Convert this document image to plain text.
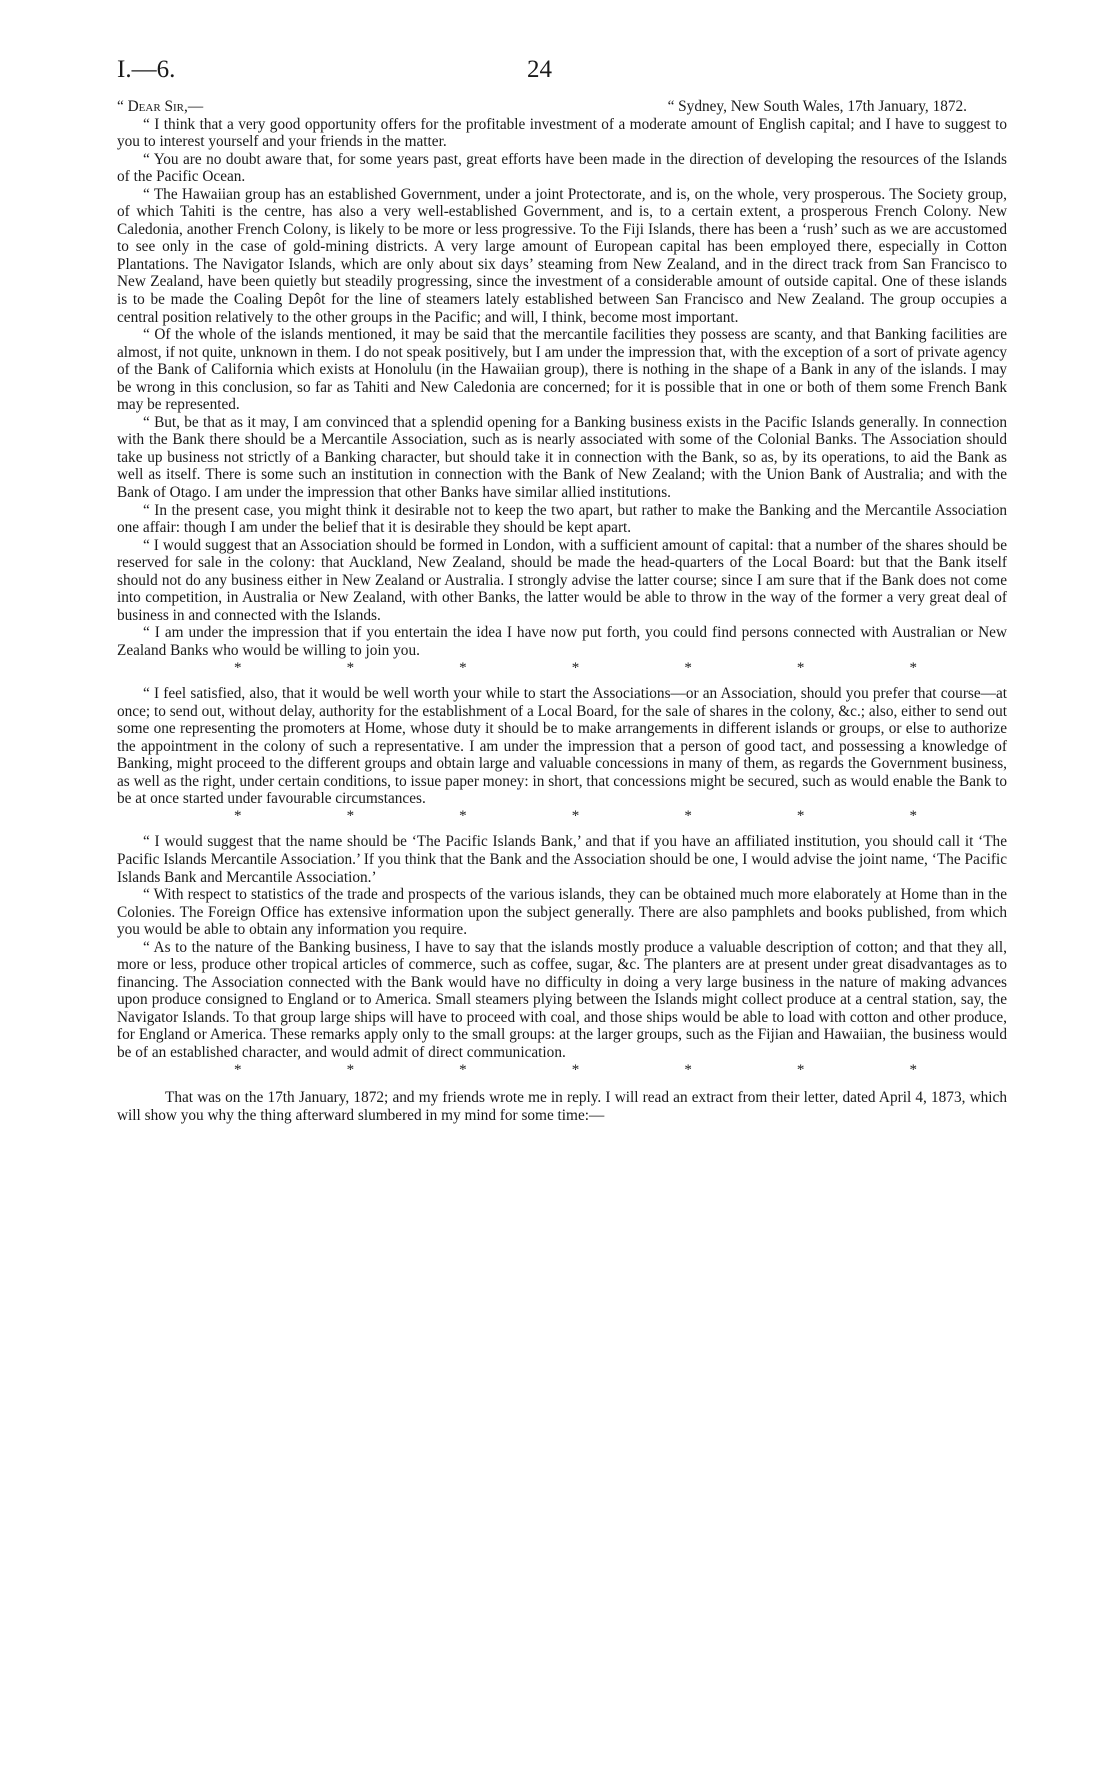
I.—6.	24
“ Dear Sir,—	“ Sydney, New South Wales, 17th January, 1872.

“ I think that a very good opportunity offers for the profitable investment of a moderate amount of English capital; and I have to suggest to you to interest yourself and your friends in the matter.

“ You are no doubt aware that, for some years past, great efforts have been made in the direction of developing the resources of the Islands of the Pacific Ocean.

“ The Hawaiian group has an established Government, under a joint Protectorate, and is, on the whole, very prosperous. The Society group, of which Tahiti is the centre, has also a very well-established Government, and is, to a certain extent, a prosperous French Colony. New Caledonia, another French Colony, is likely to be more or less progressive. To the Fiji Islands, there has been a ‘rush’ such as we are accustomed to see only in the case of gold-mining districts. A very large amount of European capital has been employed there, especially in Cotton Plantations. The Navigator Islands, which are only about six days’ steaming from New Zealand, and in the direct track from San Francisco to New Zealand, have been quietly but steadily progressing, since the investment of a considerable amount of outside capital. One of these islands is to be made the Coaling Depôt for the line of steamers lately established between San Francisco and New Zealand. The group occupies a central position relatively to the other groups in the Pacific; and will, I think, become most important.

“ Of the whole of the islands mentioned, it may be said that the mercantile facilities they possess are scanty, and that Banking facilities are almost, if not quite, unknown in them. I do not speak positively, but I am under the impression that, with the exception of a sort of private agency of the Bank of California which exists at Honolulu (in the Hawaiian group), there is nothing in the shape of a Bank in any of the islands. I may be wrong in this conclusion, so far as Tahiti and New Caledonia are concerned; for it is possible that in one or both of them some French Bank may be represented.

“ But, be that as it may, I am convinced that a splendid opening for a Banking business exists in the Pacific Islands generally. In connection with the Bank there should be a Mercantile Association, such as is nearly associated with some of the Colonial Banks. The Association should take up business not strictly of a Banking character, but should take it in connection with the Bank, so as, by its operations, to aid the Bank as well as itself. There is some such an institution in connection with the Bank of New Zealand; with the Union Bank of Australia; and with the Bank of Otago. I am under the impression that other Banks have similar allied institutions.

“ In the present case, you might think it desirable not to keep the two apart, but rather to make the Banking and the Mercantile Association one affair: though I am under the belief that it is desirable they should be kept apart.

“ I would suggest that an Association should be formed in London, with a sufficient amount of capital: that a number of the shares should be reserved for sale in the colony: that Auckland, New Zealand, should be made the head-quarters of the Local Board: but that the Bank itself should not do any business either in New Zealand or Australia. I strongly advise the latter course; since I am sure that if the Bank does not come into competition, in Australia or New Zealand, with other Banks, the latter would be able to throw in the way of the former a very great deal of business in and connected with the Islands.

“ I am under the impression that if you entertain the idea I have now put forth, you could find persons connected with Australian or New Zealand Banks who would be willing to join you.

*	*	*	*	*	*	*

“ I feel satisfied, also, that it would be well worth your while to start the Associations—or an Association, should you prefer that course—at once; to send out, without delay, authority for the establishment of a Local Board, for the sale of shares in the colony, &c.; also, either to send out some one representing the promoters at Home, whose duty it should be to make arrangements in different islands or groups, or else to authorize the appointment in the colony of such a representative. I am under the impression that a person of good tact, and possessing a knowledge of Banking, might proceed to the different groups and obtain large and valuable concessions in many of them, as regards the Government business, as well as the right, under certain conditions, to issue paper money: in short, that concessions might be secured, such as would enable the Bank to be at once started under favourable circumstances.

*	*	*	*	*	*	*

“ I would suggest that the name should be ‘The Pacific Islands Bank,’ and that if you have an affiliated institution, you should call it ‘The Pacific Islands Mercantile Association.’ If you think that the Bank and the Association should be one, I would advise the joint name, ‘The Pacific Islands Bank and Mercantile Association.’

“ With respect to statistics of the trade and prospects of the various islands, they can be obtained much more elaborately at Home than in the Colonies. The Foreign Office has extensive information upon the subject generally. There are also pamphlets and books published, from which you would be able to obtain any information you require.

“ As to the nature of the Banking business, I have to say that the islands mostly produce a valuable description of cotton; and that they all, more or less, produce other tropical articles of commerce, such as coffee, sugar, &c. The planters are at present under great disadvantages as to financing. The Association connected with the Bank would have no difficulty in doing a very large business in the nature of making advances upon produce consigned to England or to America. Small steamers plying between the Islands might collect produce at a central station, say, the Navigator Islands. To that group large ships will have to proceed with coal, and those ships would be able to load with cotton and other produce, for England or America. These remarks apply only to the small groups: at the larger groups, such as the Fijian and Hawaiian, the business would be of an established character, and would admit of direct communication.

*	*	*	*	*	*	*

That was on the 17th January, 1872; and my friends wrote me in reply. I will read an extract from their letter, dated April 4, 1873, which will show you why the thing afterward slumbered in my mind for some time:—
